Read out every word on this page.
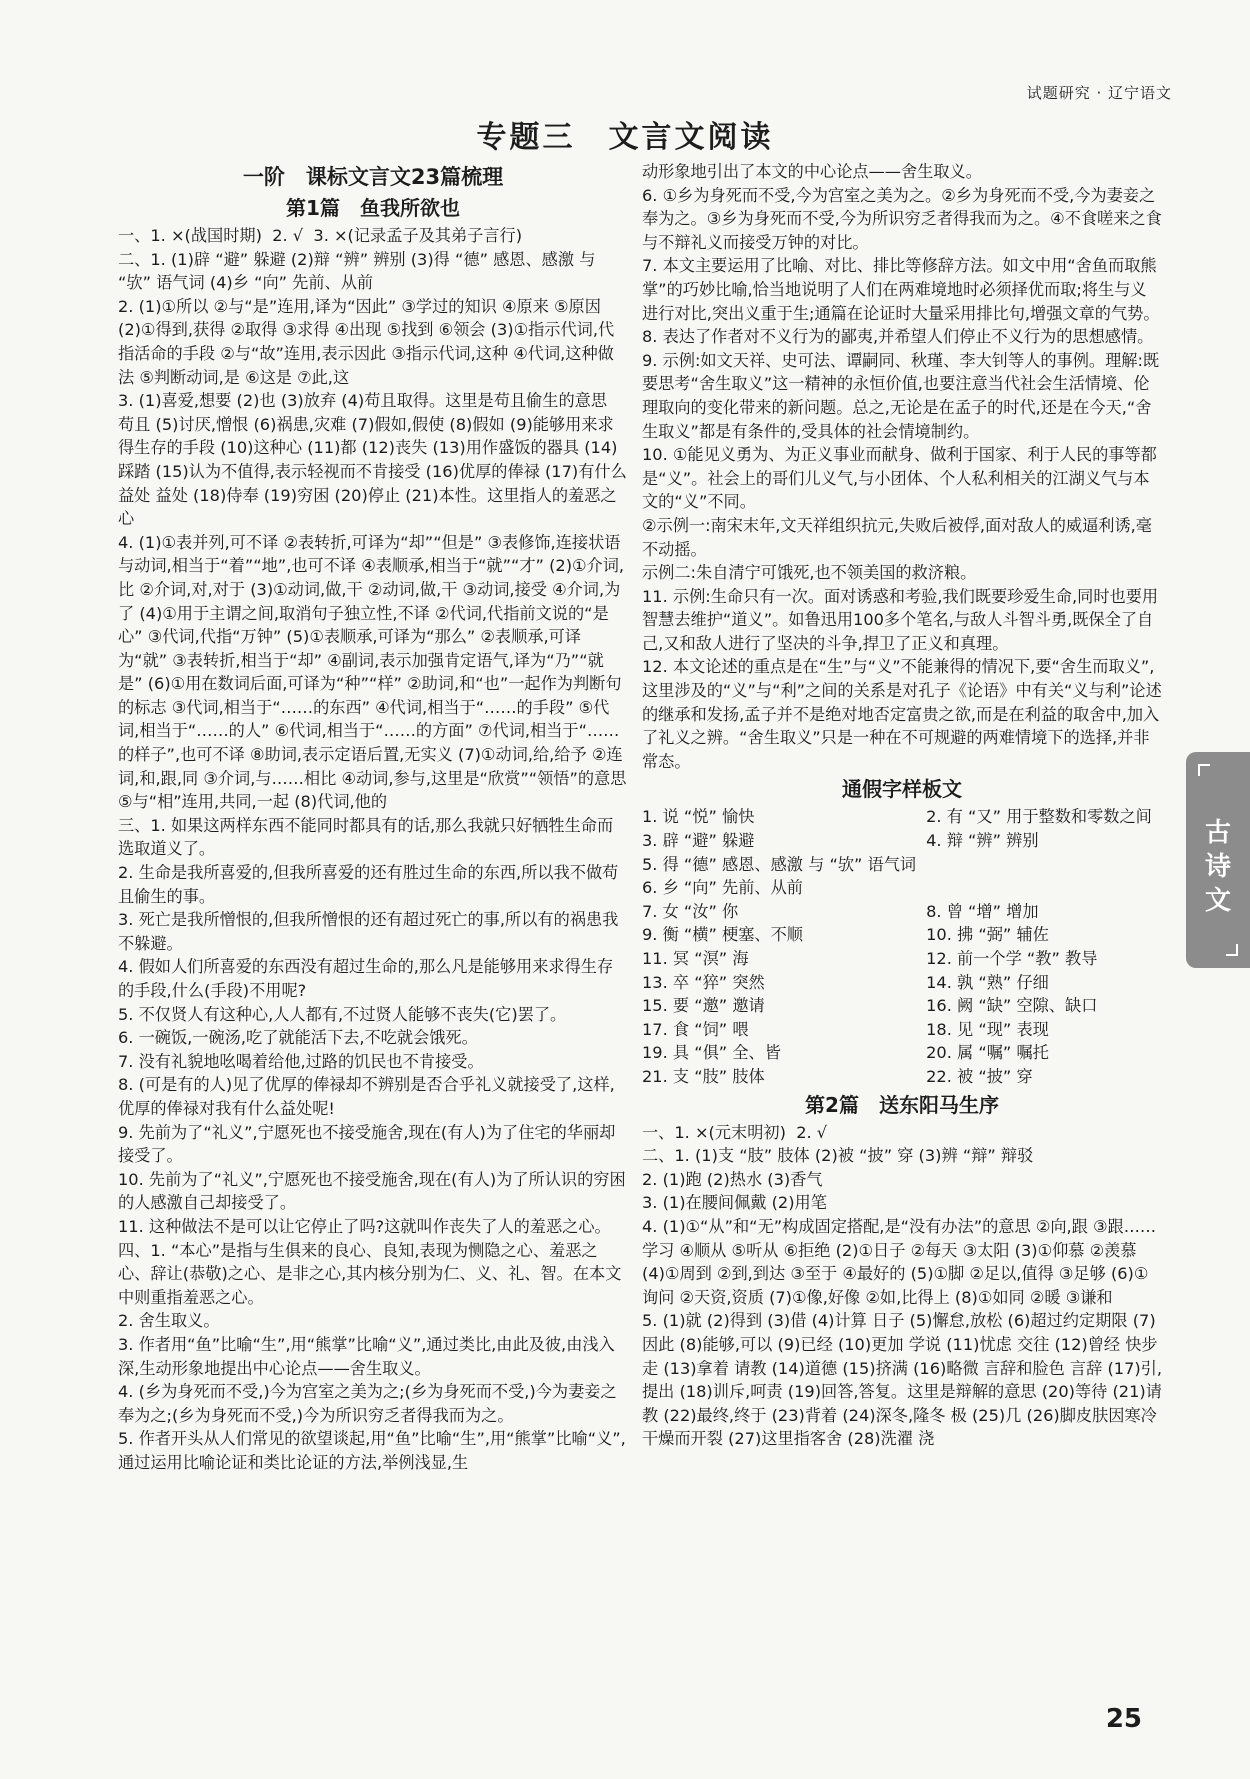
试题研究 · 辽宁语文
专题三　文言文阅读
一阶　课标文言文23篇梳理
第1篇　鱼我所欲也
一、1. ×(战国时期)  2. √  3. ×(记录孟子及其弟子言行)
二、1. (1)辟 “避” 躲避 (2)辩 “辨” 辨别 (3)得 “德” 感恩、感激 与 “欤” 语气词 (4)乡 “向” 先前、从前
2. (1)①所以 ②与“是”连用,译为“因此” ③学过的知识 ④原来 ⑤原因 (2)①得到,获得 ②取得 ③求得 ④出现 ⑤找到 ⑥领会 (3)①指示代词,代指活命的手段 ②与“故”连用,表示因此 ③指示代词,这种 ④代词,这种做法 ⑤判断动词,是 ⑥这是 ⑦此,这
3. (1)喜爱,想要 (2)也 (3)放弃 (4)苟且取得。这里是苟且偷生的意思 苟且 (5)讨厌,憎恨 (6)祸患,灾难 (7)假如,假使 (8)假如 (9)能够用来求得生存的手段 (10)这种心 (11)都 (12)丧失 (13)用作盛饭的器具 (14)踩踏 (15)认为不值得,表示轻视而不肯接受 (16)优厚的俸禄 (17)有什么益处 益处 (18)侍奉 (19)穷困 (20)停止 (21)本性。这里指人的羞恶之心
4. (1)①表并列,可不译 ②表转折,可译为“却”“但是” ③表修饰,连接状语与动词,相当于“着”“地”,也可不译 ④表顺承,相当于“就”“才” (2)①介词,比 ②介词,对,对于 (3)①动词,做,干 ②动词,做,干 ③动词,接受 ④介词,为了 (4)①用于主谓之间,取消句子独立性,不译 ②代词,代指前文说的“是心” ③代词,代指“万钟” (5)①表顺承,可译为“那么” ②表顺承,可译为“就” ③表转折,相当于“却” ④副词,表示加强肯定语气,译为“乃”“就是” (6)①用在数词后面,可译为“种”“样” ②助词,和“也”一起作为判断句的标志 ③代词,相当于“……的东西” ④代词,相当于“……的手段” ⑤代词,相当于“……的人” ⑥代词,相当于“……的方面” ⑦代词,相当于“……的样子”,也可不译 ⑧助词,表示定语后置,无实义 (7)①动词,给,给予 ②连词,和,跟,同 ③介词,与……相比 ④动词,参与,这里是“欣赏”“领悟”的意思 ⑤与“相”连用,共同,一起 (8)代词,他的
三、1. 如果这两样东西不能同时都具有的话,那么我就只好牺牲生命而选取道义了。
2. 生命是我所喜爱的,但我所喜爱的还有胜过生命的东西,所以我不做苟且偷生的事。
3. 死亡是我所憎恨的,但我所憎恨的还有超过死亡的事,所以有的祸患我不躲避。
4. 假如人们所喜爱的东西没有超过生命的,那么凡是能够用来求得生存的手段,什么(手段)不用呢?
5. 不仅贤人有这种心,人人都有,不过贤人能够不丧失(它)罢了。
6. 一碗饭,一碗汤,吃了就能活下去,不吃就会饿死。
7. 没有礼貌地吆喝着给他,过路的饥民也不肯接受。
8. (可是有的人)见了优厚的俸禄却不辨别是否合乎礼义就接受了,这样,优厚的俸禄对我有什么益处呢!
9. 先前为了“礼义”,宁愿死也不接受施舍,现在(有人)为了住宅的华丽却接受了。
10. 先前为了“礼义”,宁愿死也不接受施舍,现在(有人)为了所认识的穷困的人感激自己却接受了。
11. 这种做法不是可以让它停止了吗?这就叫作丧失了人的羞恶之心。
四、1. “本心”是指与生俱来的良心、良知,表现为恻隐之心、羞恶之心、辞让(恭敬)之心、是非之心,其内核分别为仁、义、礼、智。在本文中则重指羞恶之心。
2. 舍生取义。
3. 作者用“鱼”比喻“生”,用“熊掌”比喻“义”,通过类比,由此及彼,由浅入深,生动形象地提出中心论点——舍生取义。
4. (乡为身死而不受,)今为宫室之美为之;(乡为身死而不受,)今为妻妾之奉为之;(乡为身死而不受,)今为所识穷乏者得我而为之。
5. 作者开头从人们常见的欲望谈起,用“鱼”比喻“生”,用“熊掌”比喻“义”,通过运用比喻论证和类比论证的方法,举例浅显,生
动形象地引出了本文的中心论点——舍生取义。
6. ①乡为身死而不受,今为宫室之美为之。②乡为身死而不受,今为妻妾之奉为之。③乡为身死而不受,今为所识穷乏者得我而为之。④不食嗟来之食与不辩礼义而接受万钟的对比。
7. 本文主要运用了比喻、对比、排比等修辞方法。如文中用“舍鱼而取熊掌”的巧妙比喻,恰当地说明了人们在两难境地时必须择优而取;将生与义进行对比,突出义重于生;通篇在论证时大量采用排比句,增强文章的气势。
8. 表达了作者对不义行为的鄙夷,并希望人们停止不义行为的思想感情。
9. 示例:如文天祥、史可法、谭嗣同、秋瑾、李大钊等人的事例。理解:既要思考“舍生取义”这一精神的永恒价值,也要注意当代社会生活情境、伦理取向的变化带来的新问题。总之,无论是在孟子的时代,还是在今天,“舍生取义”都是有条件的,受具体的社会情境制约。
10. ①能见义勇为、为正义事业而献身、做利于国家、利于人民的事等都是“义”。社会上的哥们儿义气,与小团体、个人私利相关的江湖义气与本文的“义”不同。
②示例一:南宋末年,文天祥组织抗元,失败后被俘,面对敌人的威逼利诱,毫不动摇。
示例二:朱自清宁可饿死,也不领美国的救济粮。
11. 示例:生命只有一次。面对诱惑和考验,我们既要珍爱生命,同时也要用智慧去维护“道义”。如鲁迅用100多个笔名,与敌人斗智斗勇,既保全了自己,又和敌人进行了坚决的斗争,捍卫了正义和真理。
12. 本文论述的重点是在“生”与“义”不能兼得的情况下,要“舍生而取义”,这里涉及的“义”与“利”之间的关系是对孔子《论语》中有关“义与利”论述的继承和发扬,孟子并不是绝对地否定富贵之欲,而是在利益的取舍中,加入了礼义之辨。“舍生取义”只是一种在不可规避的两难情境下的选择,并非常态。
通假字样板文
1. 说 “悦” 愉快	2. 有 “又” 用于整数和零数之间
3. 辟 “避” 躲避	4. 辩 “辨” 辨别
5. 得 “德” 感恩、感激 与 “欤” 语气词
6. 乡 “向” 先前、从前
7. 女 “汝” 你	8. 曾 “增” 增加
9. 衡 “横” 梗塞、不顺	10. 拂 “弼” 辅佐
11. 冥 “溟” 海	12. 前一个学 “教” 教导
13. 卒 “猝” 突然	14. 孰 “熟” 仔细
15. 要 “邀” 邀请	16. 阙 “缺” 空隙、缺口
17. 食 “饲” 喂	18. 见 “现” 表现
19. 具 “俱” 全、皆	20. 属 “嘱” 嘱托
21. 支 “肢” 肢体	22. 被 “披” 穿
第2篇　送东阳马生序
一、1. ×(元末明初)  2. √
二、1. (1)支 “肢” 肢体 (2)被 “披” 穿 (3)辨 “辩” 辩驳
2. (1)跑 (2)热水 (3)香气
3. (1)在腰间佩戴 (2)用笔
4. (1)①“从”和“无”构成固定搭配,是“没有办法”的意思 ②向,跟 ③跟……学习 ④顺从 ⑤听从 ⑥拒绝 (2)①日子 ②每天 ③太阳 (3)①仰慕 ②羡慕 (4)①周到 ②到,到达 ③至于 ④最好的 (5)①脚 ②足以,值得 ③足够 (6)①询问 ②天资,资质 (7)①像,好像 ②如,比得上 (8)①如同 ②暖 ③谦和
5. (1)就 (2)得到 (3)借 (4)计算 日子 (5)懈怠,放松 (6)超过约定期限 (7)因此 (8)能够,可以 (9)已经 (10)更加 学说 (11)忧虑 交往 (12)曾经 快步走 (13)拿着 请教 (14)道德 (15)挤满 (16)略微 言辞和脸色 言辞 (17)引,提出 (18)训斥,呵责 (19)回答,答复。这里是辩解的意思 (20)等待 (21)请教 (22)最终,终于 (23)背着 (24)深冬,隆冬 极 (25)几 (26)脚皮肤因寒冷干燥而开裂 (27)这里指客舍 (28)洗濯 浇
古诗文
25
